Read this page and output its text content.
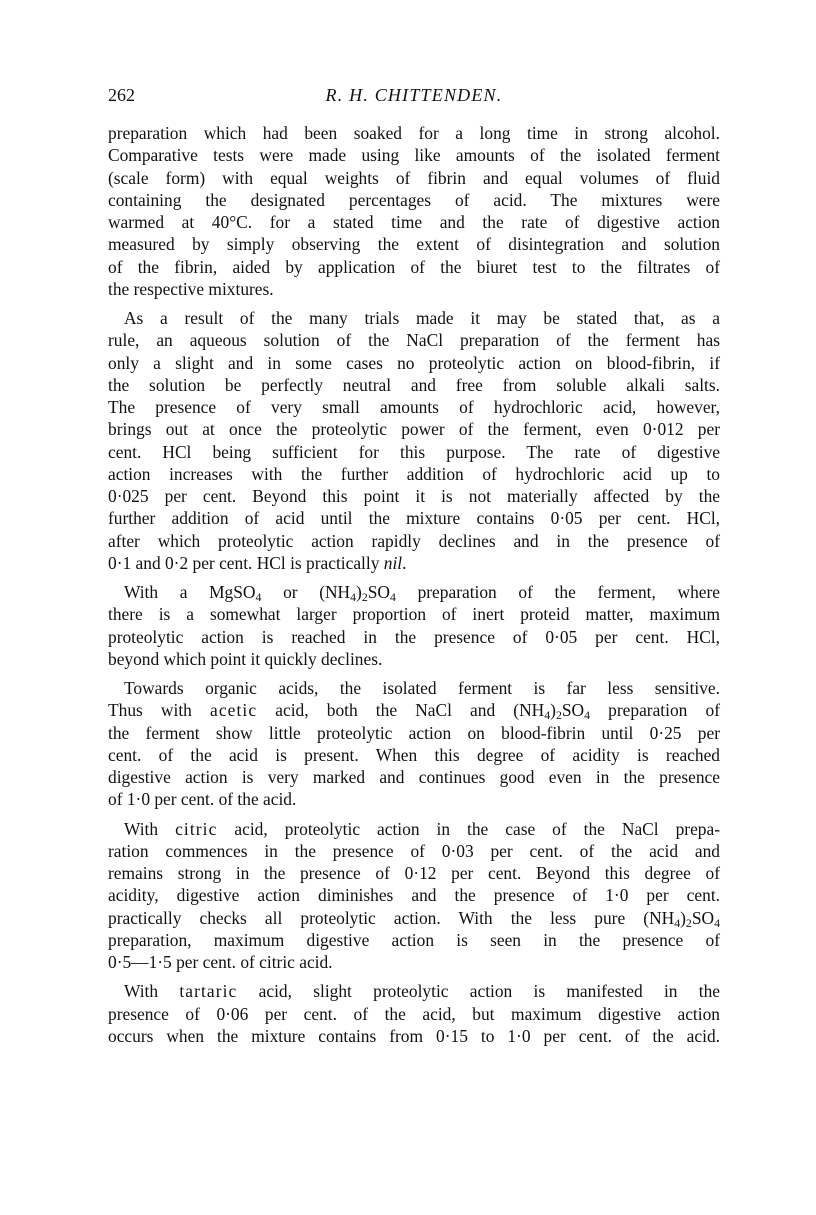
262	R. H. CHITTENDEN.
preparation which had been soaked for a long time in strong alcohol.
Comparative tests were made using like amounts of the isolated ferment
(scale form) with equal weights of fibrin and equal volumes of fluid
containing the designated percentages of acid. The mixtures were
warmed at 40°C. for a stated time and the rate of digestive action
measured by simply observing the extent of disintegration and solution
of the fibrin, aided by application of the biuret test to the filtrates of
the respective mixtures.
As a result of the many trials made it may be stated that, as a
rule, an aqueous solution of the NaCl preparation of the ferment has
only a slight and in some cases no proteolytic action on blood-fibrin, if
the solution be perfectly neutral and free from soluble alkali salts.
The presence of very small amounts of hydrochloric acid, however,
brings out at once the proteolytic power of the ferment, even 0·012 per
cent. HCl being sufficient for this purpose. The rate of digestive
action increases with the further addition of hydrochloric acid up to
0·025 per cent. Beyond this point it is not materially affected by the
further addition of acid until the mixture contains 0·05 per cent. HCl,
after which proteolytic action rapidly declines and in the presence of
0·1 and 0·2 per cent. HCl is practically nil.
With a MgSO$_4$ or $(NH_4)_2SO_4$ preparation of the ferment, where
there is a somewhat larger proportion of inert proteid matter, maximum
proteolytic action is reached in the presence of 0·05 per cent. HCl,
beyond which point it quickly declines.
Towards organic acids, the isolated ferment is far less sensitive.
Thus with acetic acid, both the NaCl and $(NH_4)_2SO_4$ preparation of
the ferment show little proteolytic action on blood-fibrin until 0·25 per
cent. of the acid is present. When this degree of acidity is reached
digestive action is very marked and continues good even in the presence
of 1·0 per cent. of the acid.
With citric acid, proteolytic action in the case of the NaCl prepa-
ration commences in the presence of 0·03 per cent. of the acid and
remains strong in the presence of 0·12 per cent. Beyond this degree of
acidity, digestive action diminishes and the presence of 1·0 per cent.
practically checks all proteolytic action. With the less pure $(NH_4)_2SO_4$
preparation, maximum digestive action is seen in the presence of
0·5—1·5 per cent. of citric acid.
With tartaric acid, slight proteolytic action is manifested in the
presence of 0·06 per cent. of the acid, but maximum digestive action
occurs when the mixture contains from 0·15 to 1·0 per cent. of the acid.
